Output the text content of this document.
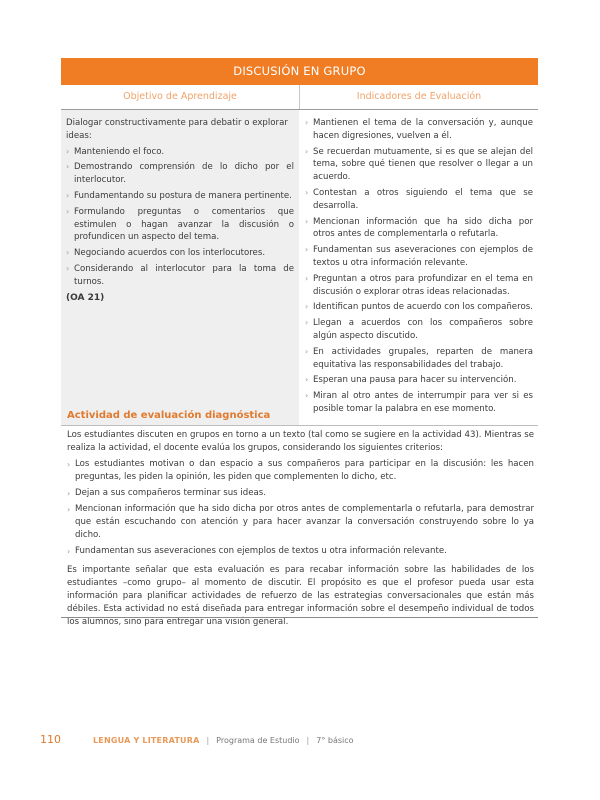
DISCUSIÓN EN GRUPO
Objetivo de Aprendizaje	Indicadores de Evaluación
Dialogar constructivamente para debatir o explorar ideas:
› Manteniendo el foco.
› Demostrando comprensión de lo dicho por el interlocutor.
› Fundamentando su postura de manera pertinente.
› Formulando preguntas o comentarios que estimulen o hagan avanzar la discusión o profundicen un aspecto del tema.
› Negociando acuerdos con los interlocutores.
› Considerando al interlocutor para la toma de turnos.
(OA 21)
› Mantienen el tema de la conversación y, aunque hacen digresiones, vuelven a él.
› Se recuerdan mutuamente, si es que se alejan del tema, sobre qué tienen que resolver o llegar a un acuerdo.
› Contestan a otros siguiendo el tema que se desarrolla.
› Mencionan información que ha sido dicha por otros antes de complementarla o refutarla.
› Fundamentan sus aseveraciones con ejemplos de textos u otra información relevante.
› Preguntan a otros para profundizar en el tema en discusión o explorar otras ideas relacionadas.
› Identifican puntos de acuerdo con los compañeros.
› Llegan a acuerdos con los compañeros sobre algún aspecto discutido.
› En actividades grupales, reparten de manera equitativa las responsabilidades del trabajo.
› Esperan una pausa para hacer su intervención.
› Miran al otro antes de interrumpir para ver si es posible tomar la palabra en ese momento.
Actividad de evaluación diagnóstica

Los estudiantes discuten en grupos en torno a un texto (tal como se sugiere en la actividad 43). Mientras se realiza la actividad, el docente evalúa los grupos, considerando los siguientes criterios:

› Los estudiantes motivan o dan espacio a sus compañeros para participar en la discusión: les hacen preguntas, les piden la opinión, les piden que complementen lo dicho, etc.
› Dejan a sus compañeros terminar sus ideas.
› Mencionan información que ha sido dicha por otros antes de complementarla o refutarla, para demostrar que están escuchando con atención y para hacer avanzar la conversación construyendo sobre lo ya dicho.
› Fundamentan sus aseveraciones con ejemplos de textos u otra información relevante.

Es importante señalar que esta evaluación es para recabar información sobre las habilidades de los estudiantes –como grupo– al momento de discutir. El propósito es que el profesor pueda usar esta información para planificar actividades de refuerzo de las estrategias conversacionales que están más débiles. Esta actividad no está diseñada para entregar información sobre el desempeño individual de todos los alumnos, sino para entregar una visión general.

110	LENGUA Y LITERATURA | Programa de Estudio | 7° básico
